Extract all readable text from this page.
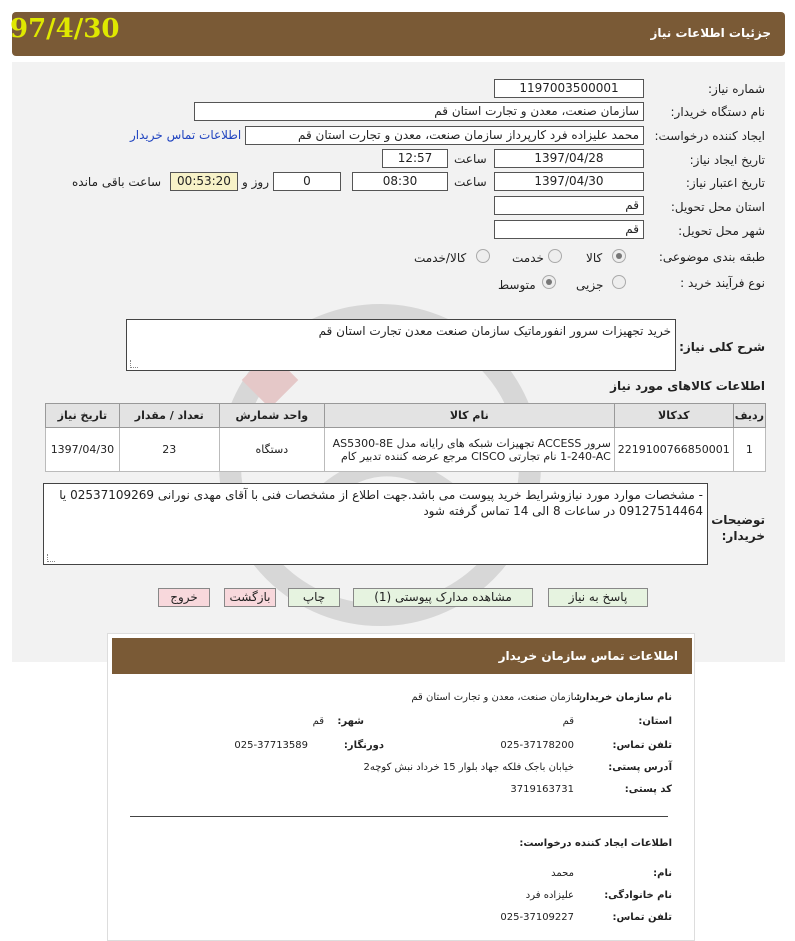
97/4/30	جزئیات اطلاعات نیاز
شماره نیاز:
1197003500001
نام دستگاه خریدار:
سازمان صنعت، معدن و تجارت استان قم
ایجاد کننده درخواست:
محمد علیزاده فرد کارپرداز سازمان صنعت، معدن و تجارت استان قم
اطلاعات تماس خریدار
تاریخ ایجاد نیاز:
1397/04/28
ساعت
12:57
تاریخ اعتبار نیاز:
1397/04/30
ساعت
08:30
0
روز و
00:53:20
ساعت باقی مانده
استان محل تحویل:
قم
شهر محل تحویل:
قم
طبقه بندی موضوعی:
کالا
خدمت
کالا/خدمت
نوع فرآیند خرید :
جزیی
متوسط
شرح کلی نیاز:
خرید تجهیزات سرور انفورماتیک سازمان صنعت معدن تجارت استان قم
اطلاعات کالاهای مورد نیاز
ردیف	کدکالا	نام کالا	واحد شمارش	تعداد / مقدار	تاریخ نیاز
1	2219100766850001	سرور ACCESS تجهیزات شبکه های رایانه مدل AS5300-8E 1-240-AC نام تجارتی CISCO مرجع عرضه کننده تدبیر کام	دستگاه	23	1397/04/30
توضیحات خریدار:
- مشخصات موارد مورد نیازوشرایط خرید پیوست می باشد.جهت اطلاع از مشخصات فنی با آقای مهدی نورانی 02537109269 یا 09127514464 در ساعات 8 الی 14 تماس گرفته شود
پاسخ به نیاز
مشاهده مدارک پیوستی (1)
چاپ
بازگشت
خروج
اطلاعات تماس سازمان خریدار
نام سازمان خریدار:
سازمان صنعت، معدن و تجارت استان قم
استان:
قم
شهر:
قم
تلفن تماس:
025-37178200
دورنگار:
025-37713589
آدرس پستی:
خیابان باجک فلکه جهاد بلوار 15 خرداد نبش کوچه2
کد پستی:
3719163731
اطلاعات ایجاد کننده درخواست:
نام:
محمد
نام خانوادگی:
علیزاده فرد
تلفن تماس:
025-37109227
